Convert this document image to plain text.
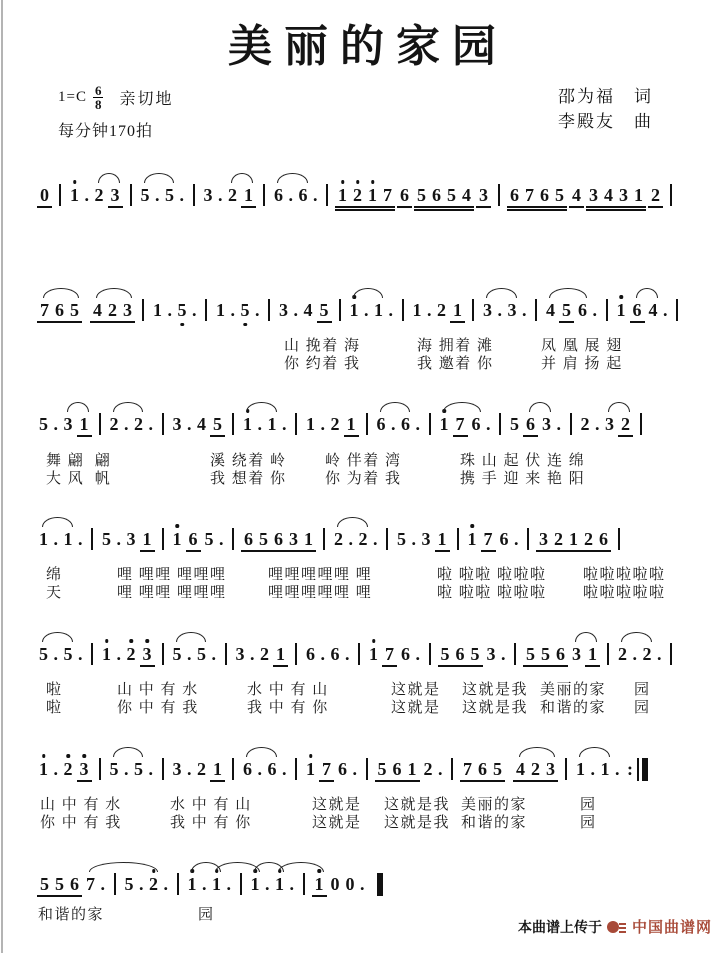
美丽的家园
$1=C \frac{6}{8}$ 亲切地
每分钟170拍
邵为福　词
李殿友　曲
0 1 . 2 3 5 . 5 . 3 . 2 1 6 . 6 . 1 2 1 7 6 5 6 5 4 3 6 7 6 5 4 3 4 3 1 2
7 6 5 4 2 3 1 . 5 . 1 . 5 . 3 . 4 5 1 . 1 . 1 . 2 1 3 . 3 . 4 5 6 . 1 6 4 .
5 . 3 1 2 . 2 . 3 . 4 5 1 . 1 . 1 . 2 1 6 . 6 . 1 7 6 . 5 6 3 . 2 . 3 2
1 . 1 . 5 . 3 1 1 6 5 . 6 5 6 3 1 2 . 2 . 5 . 3 1 1 7 6 . 3 2 1 2 6
5 . 5 . 1 . 2 3 5 . 5 . 3 . 2 1 6 . 6 . 1 7 6 . 5 6 5 3 . 5 5 6 3 1 2 . 2 .
1 . 2 3 5 . 5 . 3 . 2 1 6 . 6 . 1 7 6 . 5 6 1 2 . 7 6 5 4 2 3 1 . 1 . :
5 5 6 7 . 5 . 2 . 1 . 1 . 1 . 1 . 1 0 0 .
山 挽着 海	海 拥着 滩	凤 凰 展 翅
你 约着 我	我 邀着 你	并 肩 扬 起
舞 翩  翩	溪 绕着 岭	岭 伴着 湾	珠 山 起 伏 连 绵
大 风  帆	我 想着 你	你 为着 我	携 手 迎 来 艳 阳
绵	哩 哩哩 哩哩哩	哩哩哩哩哩 哩	啦 啦啦 啦啦啦 啦啦啦啦啦
天	哩 哩哩 哩哩哩	哩哩哩哩哩 哩	啦 啦啦 啦啦啦 啦啦啦啦啦
啦	山 中 有 水	水 中 有 山	这就是 这就是我 美丽的家 园
啦	你 中 有 我	我 中 有 你	这就是 这就是我 和谐的家 园
山 中 有 水	水 中 有 山	这就是 这就是我 美丽的家	园
你 中 有 我	我 中 有 你	这就是 这就是我 和谐的家	园
和谐的家	园
本曲谱上传于 中国曲谱网
